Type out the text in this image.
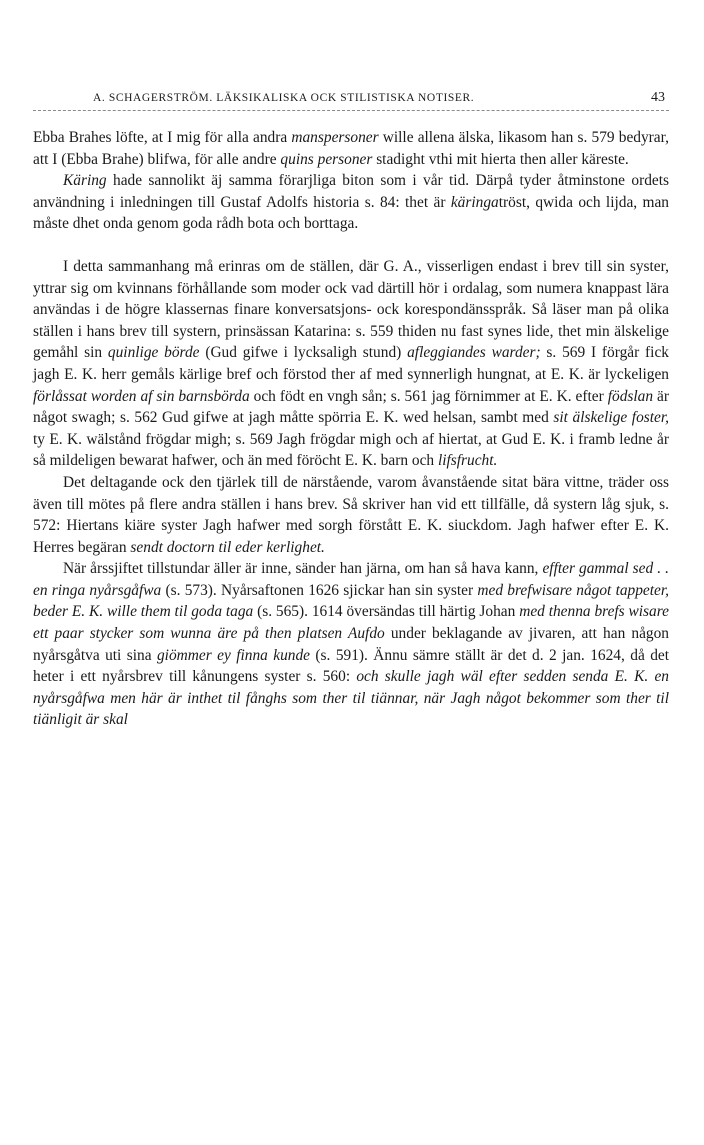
A. SCHAGERSTRÖM. LÄKSIKALISKA OCK STILISTISKA NOTISER.	43

Ebba Brahes löfte, at I mig för alla andra manspersoner wille allena älska, likasom han s. 579 bedyrar, att I (Ebba Brahe) blifwa, för alle andre quins personer stadight vthi mit hierta then aller käreste.

Käring hade sannolikt äj samma förarjliga biton som i vår tid. Därpå tyder åtminstone ordets användning i inledningen till Gustaf Adolfs historia s. 84: thet är käringatröst, qwida och lijda, man måste dhet onda genom goda rådh bota och borttaga.

I detta sammanhang må erinras om de ställen, där G. A., visserligen endast i brev till sin syster, yttrar sig om kvinnans förhållande som moder ock vad därtill hör i ordalag, som numera knappast lära användas i de högre klassernas finare konversatsjons- ock korespondänsspråk. Så läser man på olika ställen i hans brev till systern, prinsässan Katarina: s. 559 thiden nu fast synes lide, thet min älskelige gemåhl sin quinlige börde (Gud gifwe i lycksaligh stund) afleggiandes warder; s. 569 I förgår fick jagh E. K. herr gemåls kärlige bref och förstod ther af med synnerligh hungnat, at E. K. är lyckeligen förlåssat worden af sin barnsbörda och födt en vngh sån; s. 561 jag förnimmer at E. K. efter födslan är något swagh; s. 562 Gud gifwe at jagh måtte spörria E. K. wed helsan, sambt med sit älskelige foster, ty E. K. wälstånd frögdar migh; s. 569 Jagh frögdar migh och af hiertat, at Gud E. K. i framb ledne år så mildeligen bewarat hafwer, och än med föröcht E. K. barn och lifsfrucht.

Det deltagande ock den tjärlek till de närstående, varom åvanstående sitat bära vittne, träder oss även till mötes på flere andra ställen i hans brev. Så skriver han vid ett tillfälle, då systern låg sjuk, s. 572: Hiertans kiäre syster Jagh hafwer med sorgh förstått E. K. siuckdom. Jagh hafwer efter E. K. Herres begäran sendt doctorn til eder kerlighet.

När årssjiftet tillstundar äller är inne, sänder han järna, om han så hava kann, effter gammal sed . . en ringa nyårsgåfwa (s. 573). Nyårsaftonen 1626 sjickar han sin syster med brefwisare något tappeter, beder E. K. wille them til goda taga (s. 565). 1614 översändas till härtig Johan med thenna brefs wisare ett paar stycker som wunna äre på then platsen Aufdo under beklagande av jivaren, att han någon nyårsgåtva uti sina giömmer ey finna kunde (s. 591). Ännu sämre ställt är det d. 2 jan. 1624, då det heter i ett nyårsbrev till kånungens syster s. 560: och skulle jagh wäl efter sedden senda E. K. en nyårsgåfwa men här är inthet til fånghs som ther til tiännar, när Jagh något bekommer som ther til tiänligit är skal
